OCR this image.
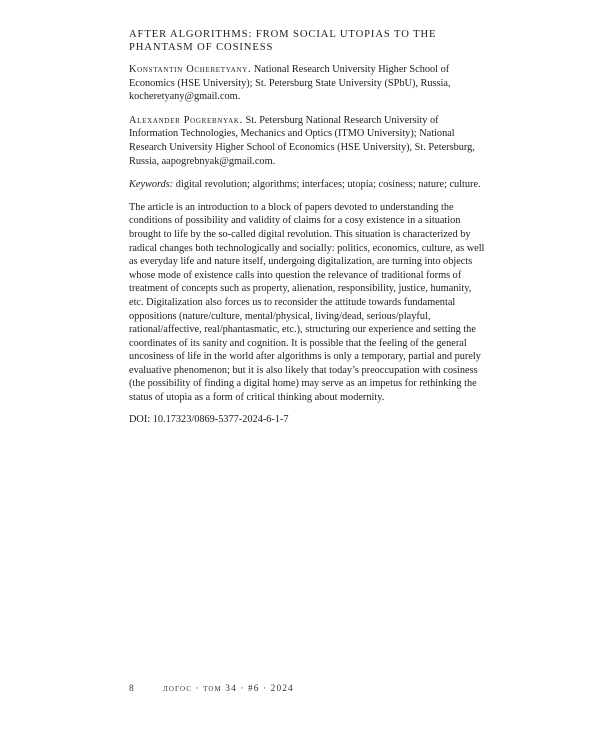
AFTER ALGORITHMS: FROM SOCIAL UTOPIAS TO THE PHANTASM OF COSINESS

Konstantin Ocheretyany. National Research University Higher School of Economics (HSE University); St. Petersburg State University (SPbU), Russia, kocheretyany@gmail.com.

Alexander Pogrebnyak. St. Petersburg National Research University of Information Technologies, Mechanics and Optics (ITMO University); National Research University Higher School of Economics (HSE University), St. Petersburg, Russia, aapogrebnyak@gmail.com.

Keywords: digital revolution; algorithms; interfaces; utopia; cosiness; nature; culture.

The article is an introduction to a block of papers devoted to understanding the conditions of possibility and validity of claims for a cosy existence in a situation brought to life by the so-called digital revolution. This situation is characterized by radical changes both technologically and socially: politics, economics, culture, as well as everyday life and nature itself, undergoing digitalization, are turning into objects whose mode of existence calls into question the relevance of traditional forms of treatment of concepts such as property, alienation, responsibility, justice, humanity, etc. Digitalization also forces us to reconsider the attitude towards fundamental oppositions (nature/culture, mental/physical, living/dead, serious/playful, rational/affective, real/phantasmatic, etc.), structuring our experience and setting the coordinates of its sanity and cognition. It is possible that the feeling of the general uncosiness of life in the world after algorithms is only a temporary, partial and purely evaluative phenomenon; but it is also likely that today’s preoccupation with cosiness (the possibility of finding a digital home) may serve as an impetus for rethinking the status of utopia as a form of critical thinking about modernity.

DOI: 10.17323/0869-5377-2024-6-1-7

8	логос · том 34 · #6 · 2024
